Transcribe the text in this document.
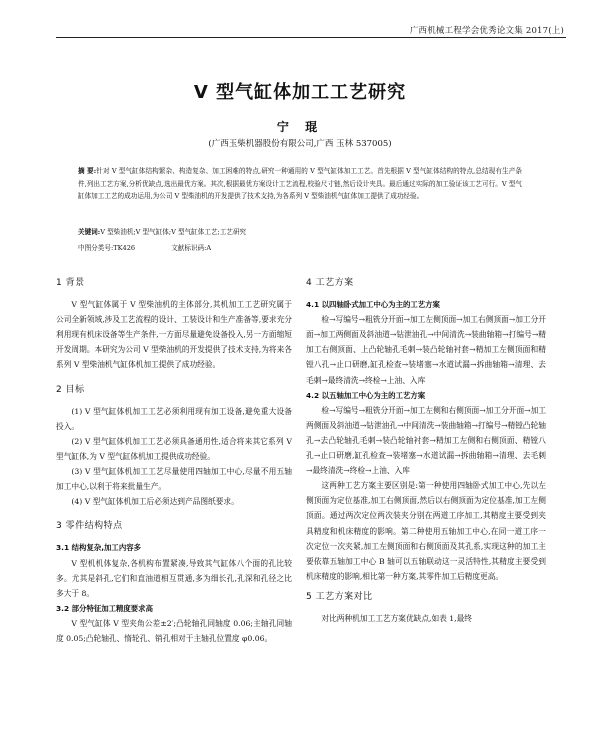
广西机械工程学会优秀论文集 2017(上)
V 型气缸体加工工艺研究
宁 琨
(广西玉柴机器股份有限公司,广西 玉林 537005)
摘 要:针对 V 型气缸体结构繁杂、构造复杂、加工困难的特点,研究一种通用的 V 型气缸体加工工艺。首先根据 V 型气缸体结构的特点,总结现有生产条件,列出工艺方案,分析优缺点,选出最优方案。其次,根据最优方案设计工艺流程,校验尺寸链,然后设计夹具。最后通过实际的加工验证该工艺可行。V 型气缸体加工工艺的成功运用,为公司 V 型柴油机的开发提供了技术支持,为各系列 V 型柴油机气缸体加工提供了成功经验。
关键词:V 型柴油机;V 型气缸体;V 型气缸体工艺;工艺研究
中图分类号:TK426	文献标识码:A
1 背景

V 型气缸体属于 V 型柴油机的主体部分,其机加工工艺研究属于公司全新领域,涉及工艺流程的设计、工装设计和生产准备等,要求充分利用现有机床设备等生产条件,一方面尽量避免设备投入,另一方面缩短开发周期。本研究为公司 V 型柴油机的开发提供了技术支持,为将来各系列 V 型柴油机气缸体机加工提供了成功经验。

2 目标

(1) V 型气缸体机加工工艺必须利用现有加工设备,避免重大设备投入。

(2) V 型气缸体机加工工艺必须具备通用性,适合将来其它系列 V 型气缸体,为 V 型气缸体机加工提供成功经验。

(3) V 型气缸体机加工工艺尽量使用四轴加工中心,尽量不用五轴加工中心,以利于将来批量生产。

(4) V 型气缸体机加工后必须达到产品图纸要求。

3 零件结构特点
3.1 结构复杂,加工内容多

V 型机机体复杂,各机构布置紧凑,导致其气缸体八个面的孔比较多。尤其是斜孔,它们和直油道相互贯通,多为细长孔,孔深和孔径之比多大于 8。

3.2 部分特征加工精度要求高

V 型气缸体 V 型夹角公差±2′;凸轮轴孔同轴度 0.06;主轴孔同轴度 0.05;凸轮轴孔、惰轮孔、销孔相对于主轴孔位置度 φ0.06。

4 工艺方案
4.1 以四轴卧式加工中心为主的工艺方案

检→写编号→粗铣分开面→加工左侧顶面→加工右侧顶面→加工分开面→加工两侧面及斜油道→钻泄油孔→中间清洗→装曲轴箱→打编号→精加工右侧顶面、上凸轮轴孔毛刺→装凸轮轴衬套→精加工左侧顶面和精镗八孔→止口研磨,缸孔检查→装堵塞→水道试漏→拆曲轴箱→清理、去毛刺→最终清洗→终检→上油、入库

4.2 以五轴加工中心为主的工艺方案

检→写编号→粗铣分开面→加工左侧和右侧顶面→加工分开面→加工两侧面及斜油道→钻泄油孔→中间清洗→装曲轴箱→打编号→精镗凸轮轴孔→去凸轮轴孔毛刺→装凸轮轴衬套→精加工左侧和右侧顶面、精镗八孔→止口研磨,缸孔检查→装堵塞→水道试漏→拆曲轴箱→清理、去毛刺→最终清洗→终检→上油、入库

这两种工艺方案主要区别是:第一种使用四轴卧式加工中心,先以左侧顶面为定位基准,加工右侧顶面,然后以右侧顶面为定位基准,加工左侧顶面。通过两次定位两次装夹分别在两道工序加工,其精度主要受到夹具精度和机床精度的影响。第二种使用五轴加工中心,在同一道工序一次定位一次夹紧,加工左侧顶面和右侧顶面及其孔系,实现这种的加工主要依靠五轴加工中心 B 轴可以五轴联动这一灵活特性,其精度主要受到机床精度的影响,相比第一种方案,其零件加工后精度更高。

5 工艺方案对比

对比两种机加工工艺方案优缺点,如表 1,最终
